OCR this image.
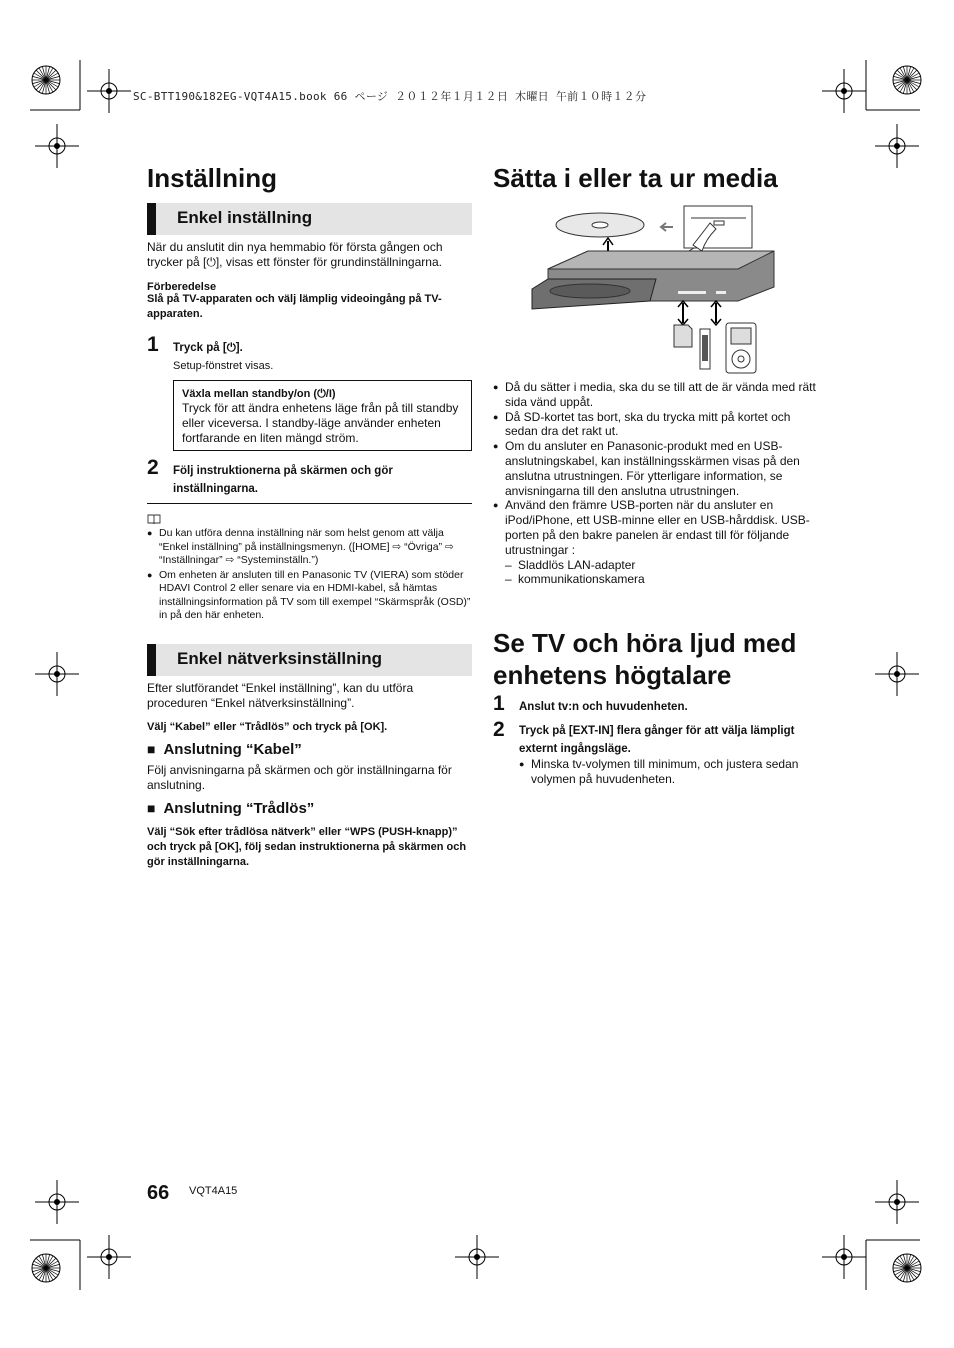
SC-BTT190&182EG-VQT4A15.book 66 ページ ２０１２年１月１２日 木曜日 午前１０時１２分
Inställning
Enkel inställning
När du anslutit din nya hemmabio för första gången och trycker på [⏻], visas ett fönster för grundinställningarna.
Förberedelse
Slå på TV-apparaten och välj lämplig videoingång på TV-apparaten.
1 Tryck på [⏻].
Setup-fönstret visas.
Växla mellan standby/on (⏻/I)
Tryck för att ändra enhetens läge från på till standby eller viceversa. I standby-läge använder enheten fortfarande en liten mängd ström.
2 Följ instruktionerna på skärmen och gör inställningarna.
● Du kan utföra denna inställning när som helst genom att välja “Enkel inställning” på inställningsmenyn. ([HOME] ⇨ “Övriga” ⇨ “Inställningar” ⇨ “Systeminställn.”)
● Om enheten är ansluten till en Panasonic TV (VIERA) som stöder HDAVI Control 2 eller senare via en HDMI-kabel, så hämtas inställningsinformation på TV som till exempel “Skärmspråk (OSD)” in på den här enheten.
Enkel nätverksinställning
Efter slutförandet “Enkel inställning”, kan du utföra proceduren “Enkel nätverksinställning”.
Välj “Kabel” eller “Trådlös” och tryck på [OK].
■ Anslutning “Kabel”
Följ anvisningarna på skärmen och gör inställningarna för anslutning.
■ Anslutning “Trådlös”
Välj “Sök efter trådlösa nätverk” eller “WPS (PUSH-knapp)” och tryck på [OK], följ sedan instruktionerna på skärmen och gör inställningarna.
Sätta i eller ta ur media
● Då du sätter i media, ska du se till att de är vända med rätt sida vänd uppåt.
● Då SD-kortet tas bort, ska du trycka mitt på kortet och sedan dra det rakt ut.
● Om du ansluter en Panasonic-produkt med en USB-anslutningskabel, kan inställningsskärmen visas på den anslutna utrustningen. För ytterligare information, se anvisningarna till den anslutna utrustningen.
● Använd den främre USB-porten när du ansluter en iPod/iPhone, ett USB-minne eller en USB-hårddisk. USB-porten på den bakre panelen är endast till för följande utrustningar :
– Sladdlös LAN-adapter
– kommunikationskamera
Se TV och höra ljud med enhetens högtalare
1 Anslut tv:n och huvudenheten.
2 Tryck på [EXT-IN] flera gånger för att välja lämpligt externt ingångsläge.
● Minska tv-volymen till minimum, och justera sedan volymen på huvudenheten.
66 VQT4A15
